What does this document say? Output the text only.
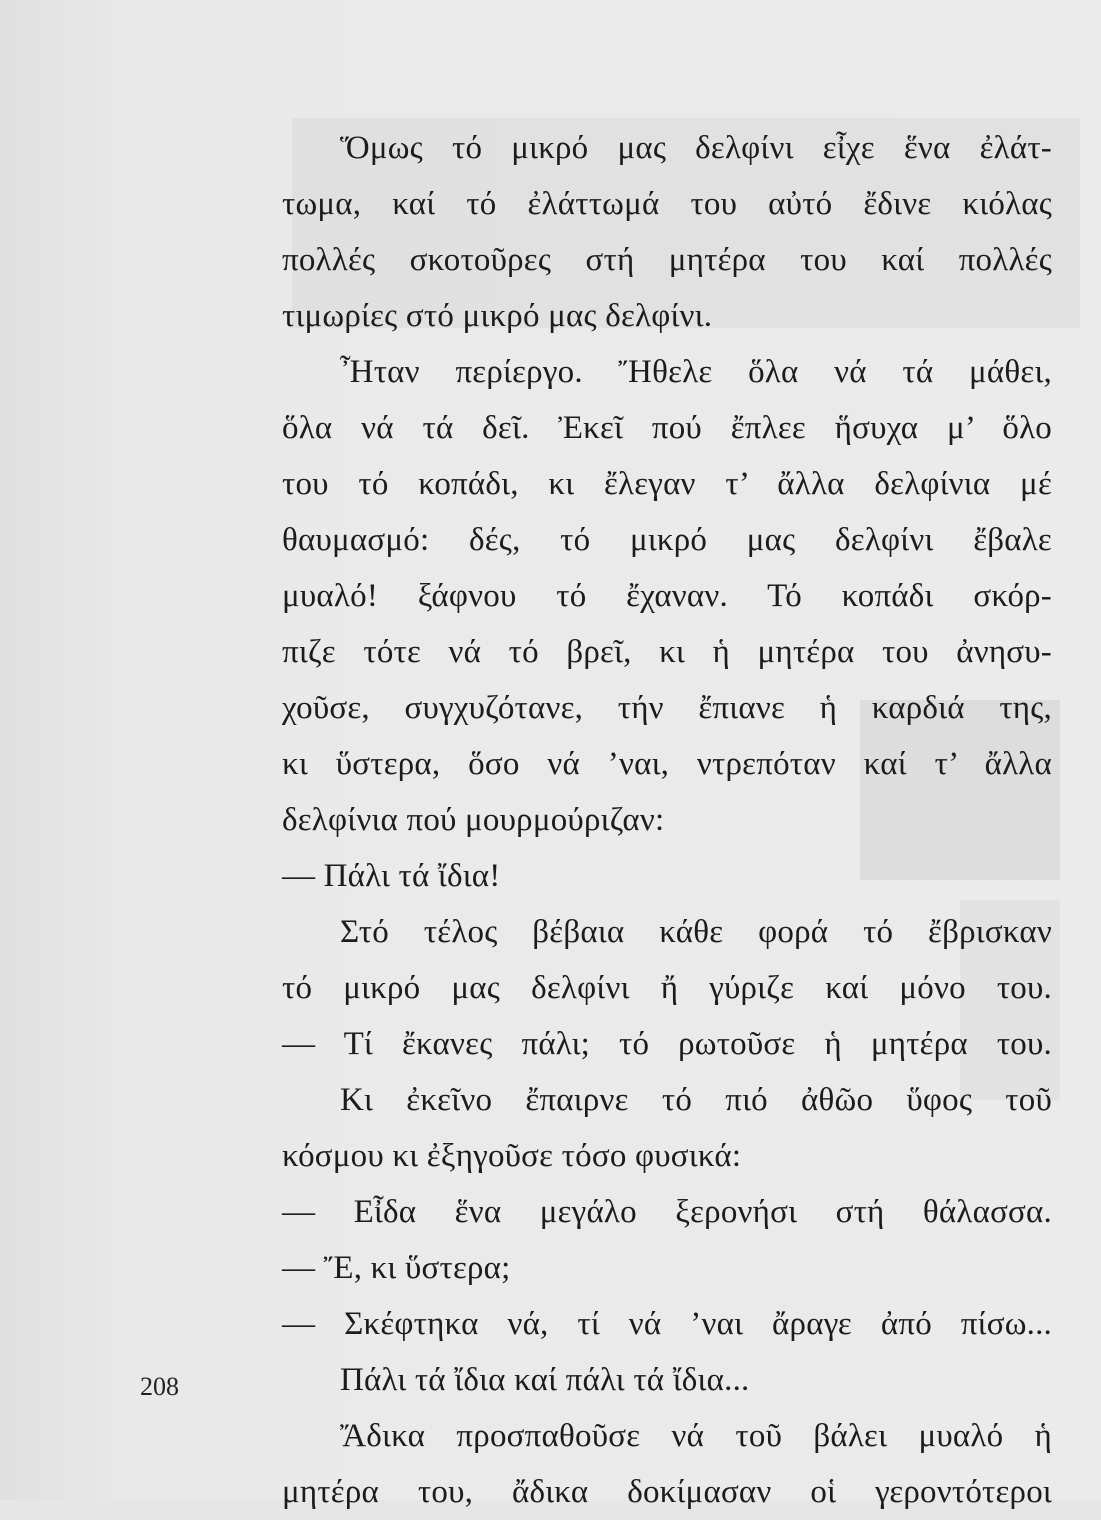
Ὅμως τό μικρό μας δελφίνι εἶχε ἕνα ἐλάτ-
τωμα, καί τό ἐλάττωμά του αὐτό ἔδινε κιόλας
πολλές σκοτοῦρες στή μητέρα του καί πολλές
τιμωρίες στό μικρό μας δελφίνι.
Ἦταν περίεργο. Ἤθελε ὅλα νά τά μάθει,
ὅλα νά τά δεῖ. Ἐκεῖ πού ἔπλεε ἥσυχα μ’ ὅλο
του τό κοπάδι, κι ἔλεγαν τ’ ἄλλα δελφίνια μέ
θαυμασμό: δές, τό μικρό μας δελφίνι ἔβαλε
μυαλό! ξάφνου τό ἔχαναν. Τό κοπάδι σκόρ-
πιζε τότε νά τό βρεῖ, κι ἡ μητέρα του ἀνησυ-
χοῦσε, συγχυζότανε, τήν ἔπιανε ἡ καρδιά της,
κι ὕστερα, ὅσο νά ’ναι, ντρεπόταν καί τ’ ἄλλα
δελφίνια πού μουρμούριζαν:
— Πάλι τά ἴδια!
Στό τέλος βέβαια κάθε φορά τό ἔβρισκαν
τό μικρό μας δελφίνι ἤ γύριζε καί μόνο του.
— Τί ἔκανες πάλι; τό ρωτοῦσε ἡ μητέρα του.
Κι ἐκεῖνο ἔπαιρνε τό πιό ἀθῶο ὕφος τοῦ
κόσμου κι ἐξηγοῦσε τόσο φυσικά:
— Εἶδα ἕνα μεγάλο ξερονήσι στή θάλασσα.
— Ἔ, κι ὕστερα;
— Σκέφτηκα νά, τί νά ’ναι ἄραγε ἀπό πίσω...
Πάλι τά ἴδια καί πάλι τά ἴδια...
Ἄδικα προσπαθοῦσε νά τοῦ βάλει μυαλό ἡ
μητέρα του, ἄδικα δοκίμασαν οἱ γεροντότεροι
208
